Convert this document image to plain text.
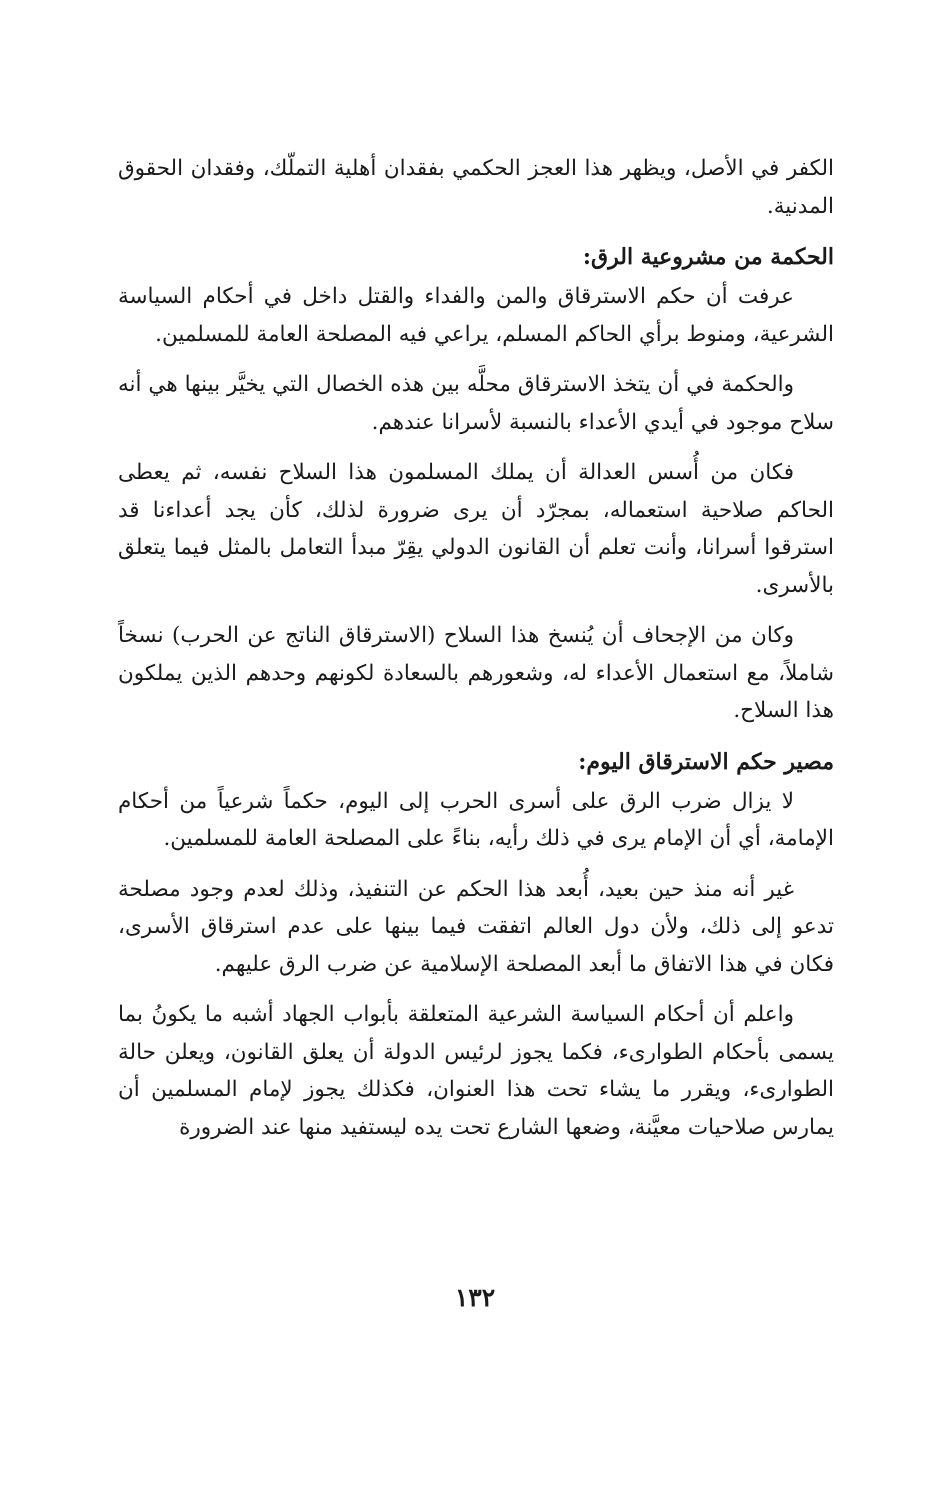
الكفر في الأصل، ويظهر هذا العجز الحكمي بفقدان أهلية التملّك، وفقدان الحقوق المدنية.

الحكمة من مشروعية الرق:

عرفت أن حكم الاسترقاق والمن والفداء والقتل داخل في أحكام السياسة الشرعية، ومنوط برأي الحاكم المسلم، يراعي فيه المصلحة العامة للمسلمين.

والحكمة في أن يتخذ الاسترقاق محلَّه بين هذه الخصال التي يخيَّر بينها هي أنه سلاح موجود في أيدي الأعداء بالنسبة لأسرانا عندهم.

فكان من أُسس العدالة أن يملك المسلمون هذا السلاح نفسه، ثم يعطى الحاكم صلاحية استعماله، بمجرّد أن يرى ضرورة لذلك، كأن يجد أعداءنا قد استرقوا أسرانا، وأنت تعلم أن القانون الدولي يقِرّ مبدأ التعامل بالمثل فيما يتعلق بالأسرى.

وكان من الإجحاف أن يُنسخ هذا السلاح (الاسترقاق الناتج عن الحرب) نسخاً شاملاً، مع استعمال الأعداء له، وشعورهم بالسعادة لكونهم وحدهم الذين يملكون هذا السلاح.

مصير حكم الاسترقاق اليوم:

لا يزال ضرب الرق على أسرى الحرب إلى اليوم، حكماً شرعياً من أحكام الإمامة، أي أن الإمام يرى في ذلك رأيه، بناءً على المصلحة العامة للمسلمين.

غير أنه منذ حين بعيد، أُبعد هذا الحكم عن التنفيذ، وذلك لعدم وجود مصلحة تدعو إلى ذلك، ولأن دول العالم اتفقت فيما بينها على عدم استرقاق الأسرى، فكان في هذا الاتفاق ما أبعد المصلحة الإسلامية عن ضرب الرق عليهم.

واعلم أن أحكام السياسة الشرعية المتعلقة بأبواب الجهاد أشبه ما يكونُ بما يسمى بأحكام الطوارىء، فكما يجوز لرئيس الدولة أن يعلق القانون، ويعلن حالة الطوارىء، ويقرر ما يشاء تحت هذا العنوان، فكذلك يجوز لإمام المسلمين أن يمارس صلاحيات معيَّنة، وضعها الشارع تحت يده ليستفيد منها عند الضرورة

١٣٢
